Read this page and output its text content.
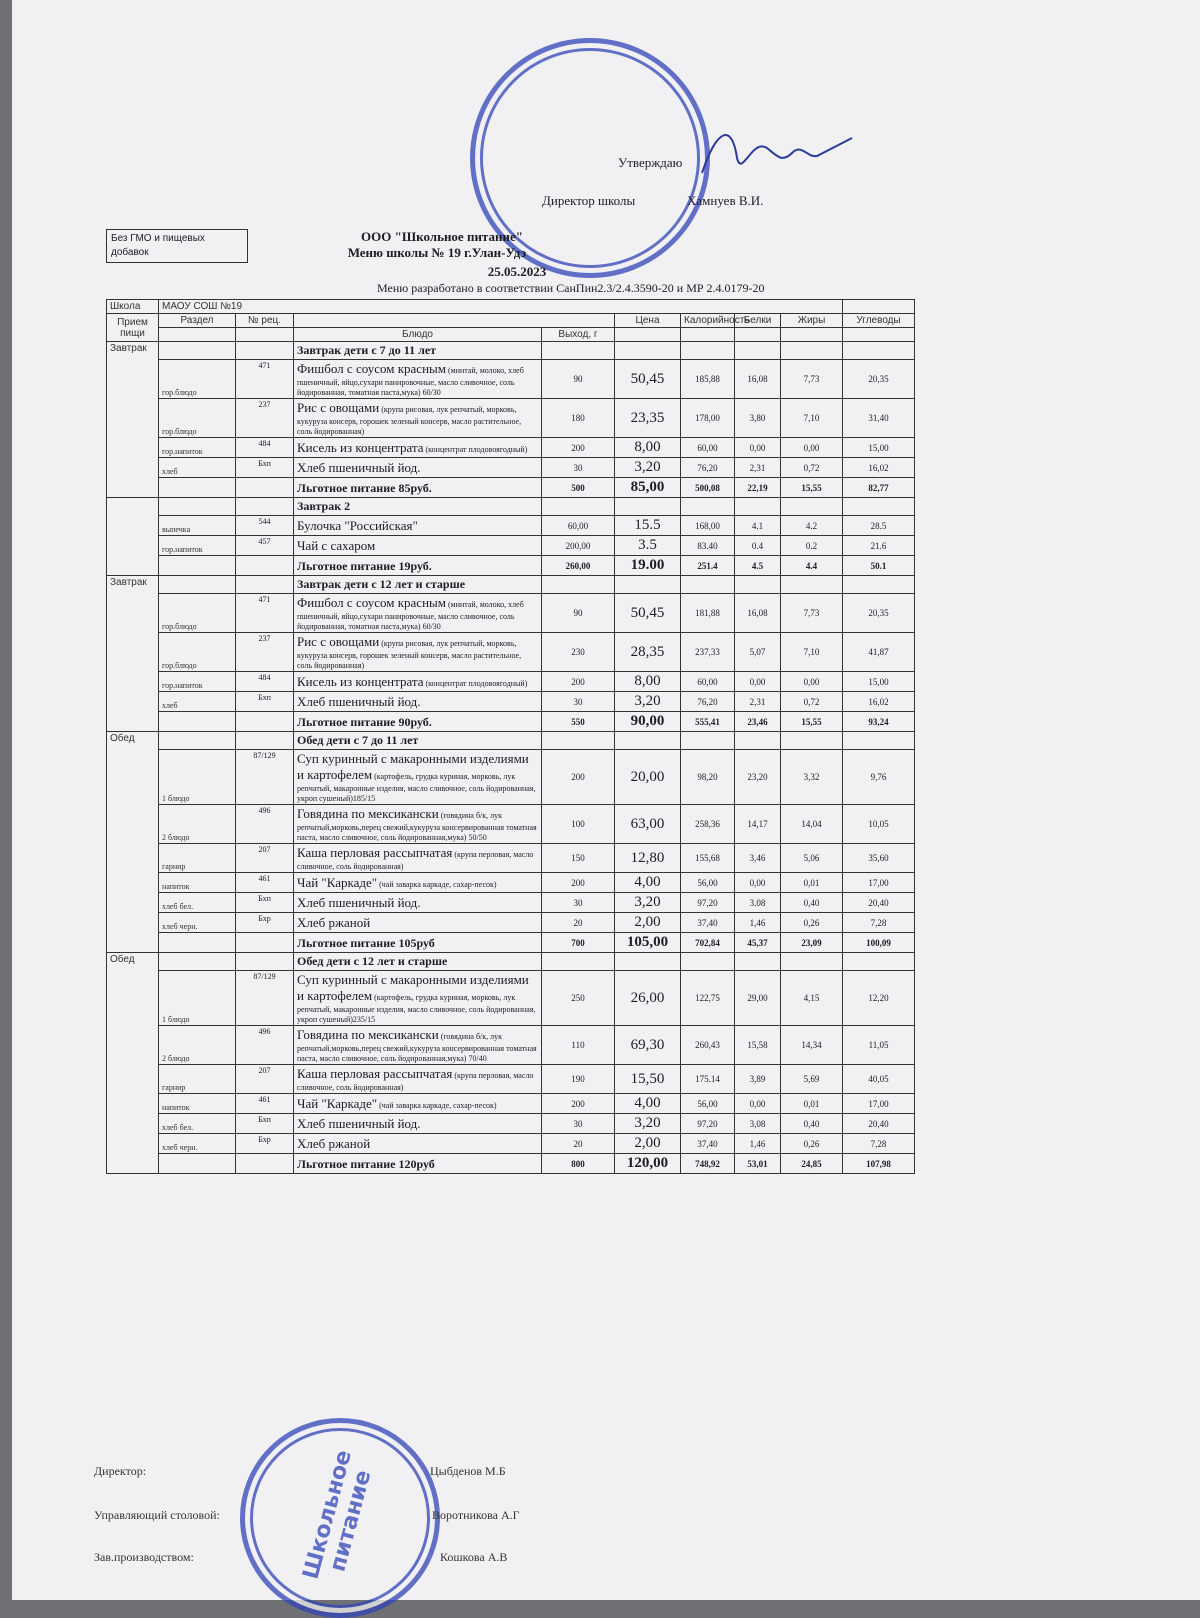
Утверждаю
Директор школы	Хамнуев В.И.
Без ГМО и пищевых добавок
ООО "Школьное питание"
Меню школы № 19 г.Улан-Удэ
25.05.2023
Меню разработано в соответствии СанПин2.3/2.4.3590-20 и МР 2.4.0179-20
Школа	МАОУ СОШ №19								
Прием пищи	Раздел	№ рец.			Цена	Калорийность	Белки	Жиры	Углеводы
			Блюдо	Выход, г					
Завтрак			Завтрак дети с 7 до 11 лет						
	гор.блюдо	471	Фишбол с соусом красным (минтай, молоко, хлеб пшеничный, яйцо,сухари панировочные, масло сливочное, соль йодированная, томатная паста,мука) 60/30	90	50,45	185,88	16,08	7,73	20,35
	гор.блюдо	237	Рис с овощами (крупа рисовая, лук репчатый, морковь, кукуруза консерв, горошек зеленый консерв, масло растительное, соль йодированная)	180	23,35	178,00	3,80	7,10	31,40
	гор.напиток	484	Кисель из концентрата (концентрат плодовоягодный)	200	8,00	60,00	0,00	0,00	15,00
	хлеб	Бхп	Хлеб пшеничный йод.	30	3,20	76,20	2,31	0,72	16,02
			Льготное питание 85руб.	500	85,00	500,08	22,19	15,55	82,77
			Завтрак 2						
	выпечка	544	Булочка "Российская"	60,00	15.5	168,00	4.1	4.2	28.5
	гор.напиток	457	Чай с сахаром	200,00	3.5	83.40	0.4	0.2	21.6
			Льготное питание 19руб.	260,00	19.00	251.4	4.5	4.4	50.1
Завтрак			Завтрак дети с 12 лет и старше						
	гор.блюдо	471	Фишбол с соусом красным (минтай, молоко, хлеб пшеничный, яйцо,сухари панировочные, масло сливочное, соль йодированная, томатная паста,мука) 60/30	90	50,45	181,88	16,08	7,73	20,35
	гор.блюдо	237	Рис с овощами (крупа рисовая, лук репчатый, морковь, кукуруза консерв, горошек зеленый консерв, масло растительное, соль йодированная)	230	28,35	237,33	5,07	7,10	41,87
	гор.напиток	484	Кисель из концентрата (концентрат плодовоягодный)	200	8,00	60,00	0,00	0,00	15,00
	хлеб	Бхп	Хлеб пшеничный йод.	30	3,20	76,20	2,31	0,72	16,02
			Льготное питание 90руб.	550	90,00	555,41	23,46	15,55	93,24
Обед			Обед дети с 7 до 11 лет						
	1 блюдо	87/129	Суп куринный с макаронными изделиями и картофелем (картофель, грудка куриная, морковь, лук репчатый, макаронные изделия, масло сливочное, соль йодированная, укроп сушеный)185/15	200	20,00	98,20	23,20	3,32	9,76
	2 блюдо	496	Говядина по мексикански (говядина б/к, лук репчатый,морковь,перец свежий,кукуруза консервированная томатная паста, масло сливочное, соль йодированная,мука) 50/50	100	63,00	258,36	14,17	14,04	10,05
	гарнир	207	Каша перловая рассыпчатая (крупа перловая, масло сливочное, соль йодированная)	150	12,80	155,68	3,46	5,06	35,60
	напиток	461	Чай "Каркаде" (чай заварка каркаде, сахар-песок)	200	4,00	56,00	0,00	0,01	17,00
	хлеб бел.	Бхп	Хлеб пшеничный йод.	30	3,20	97,20	3.08	0,40	20,40
	хлеб черн.	Бхр	Хлеб ржаной	20	2,00	37,40	1,46	0,26	7,28
			Льготное питание 105руб	700	105,00	702,84	45,37	23,09	100,09
Обед			Обед дети с 12 лет и старше						
	1 блюдо	87/129	Суп куринный с макаронными изделиями и картофелем (картофель, грудка куриная, морковь, лук репчатый, макаронные изделия, масло сливочное, соль йодированная, укроп сушеный)235/15	250	26,00	122,75	29,00	4,15	12,20
	2 блюдо	496	Говядина по мексикански (говядина б/к, лук репчатый,морковь,перец свежий,кукуруза консервированная томатная паста, масло сливочное, соль йодированная,мука) 70/40	110	69,30	260,43	15,58	14,34	11,05
	гарнир	207	Каша перловая рассыпчатая (крупа перловая, масло сливочное, соль йодированная)	190	15,50	175.14	3,89	5,69	40,05
	напиток	461	Чай "Каркаде" (чай заварка каркаде, сахар-песок)	200	4,00	56,00	0,00	0,01	17,00
	хлеб бел.	Бхп	Хлеб пшеничный йод.	30	3,20	97,20	3,08	0,40	20,40
	хлеб черн.	Бхр	Хлеб ржаной	20	2,00	37,40	1,46	0,26	7,28
			Льготное питание 120руб	800	120,00	748,92	53,01	24,85	107,98
Школьное питание
Директор:	Цыбденов М.Б
Управляющий столовой:	Воротникова А.Г
Зав.производством:	Кошкова А.В
